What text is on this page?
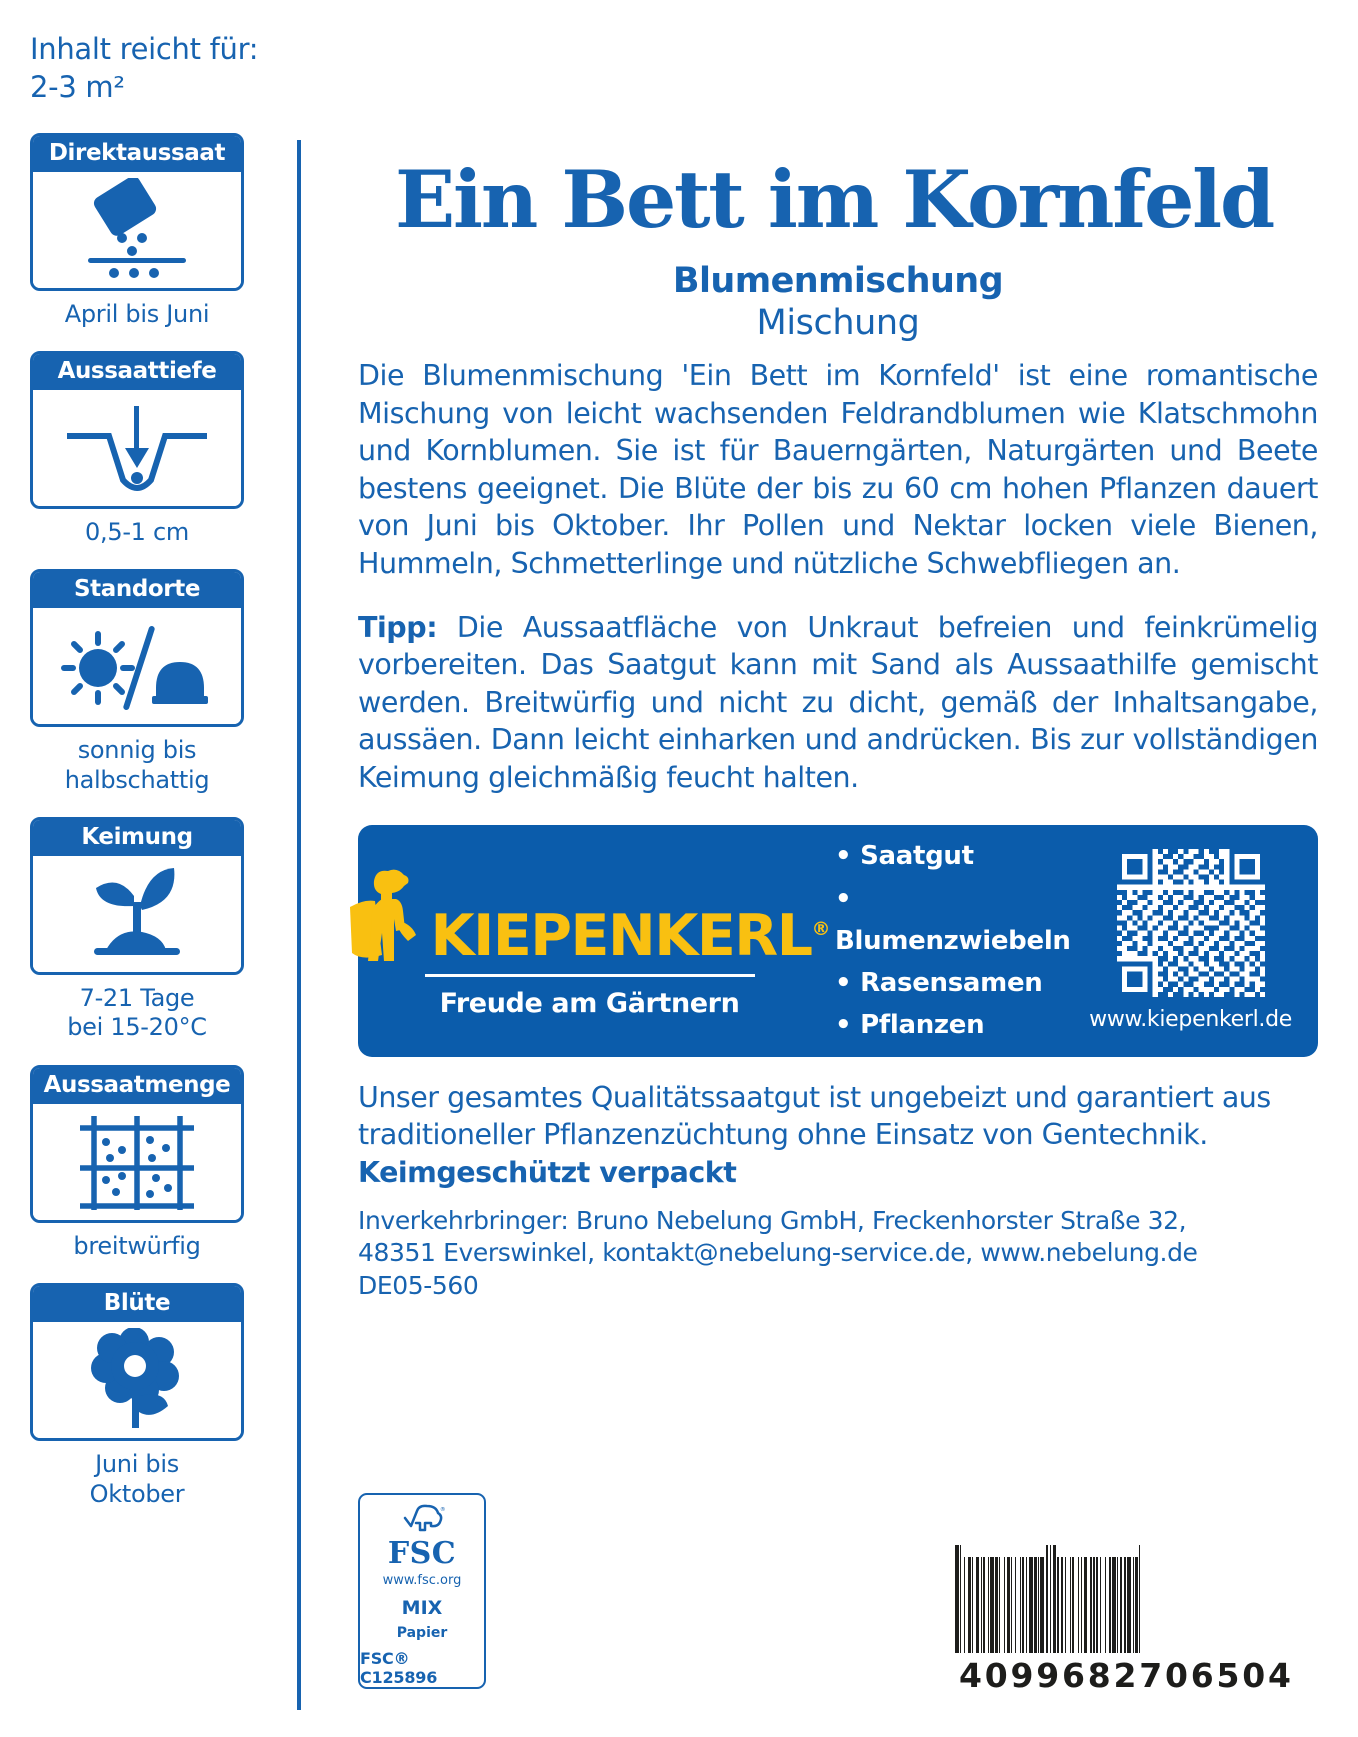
Inhalt reicht für:
2-3 m²
Direktaussaat
April bis Juni
Aussaattiefe
0,5-1 cm
Standorte
sonnig bis
halbschattig
Keimung
7-21 Tage
bei 15-20°C
Aussaatmenge
breitwürfig
Blüte
Juni bis
Oktober
Ein Bett im Kornfeld
Blumenmischung
Mischung
Die Blumenmischung 'Ein Bett im Kornfeld' ist eine romantische Mischung von leicht wachsenden Feldrandblumen wie Klatschmohn und Kornblumen. Sie ist für Bauerngärten, Naturgärten und Beete bestens geeignet. Die Blüte der bis zu 60 cm hohen Pflanzen dauert von Juni bis Oktober. Ihr Pollen und Nektar locken viele Bienen, Hummeln, Schmetterlinge und nützliche Schwebfliegen an.
Tipp: Die Aussaatfläche von Unkraut befreien und feinkrümelig vorbereiten. Das Saatgut kann mit Sand als Aussaathilfe gemischt werden. Breitwürfig und nicht zu dicht, gemäß der Inhaltsangabe, aussäen. Dann leicht einharken und andrücken. Bis zur vollständigen Keimung gleichmäßig feucht halten.
KIEPENKERL®
Freude am Gärtnern
• Saatgut
• Blumenzwiebeln
• Rasensamen
• Pflanzen	www.kiepenkerl.de
Unser gesamtes Qualitätssaatgut ist ungebeizt und garantiert aus traditioneller Pflanzenzüchtung ohne Einsatz von Gentechnik.
Keimgeschützt verpackt
Inverkehrbringer: Bruno Nebelung GmbH, Freckenhorster Straße 32,
48351 Everswinkel, kontakt@nebelung-service.de, www.nebelung.de
DE05-560
®
FSC
www.fsc.org
MIX
Papier
FSC® C125896	4 0 9 9 6 8 2 7 0 6 5 0 4
